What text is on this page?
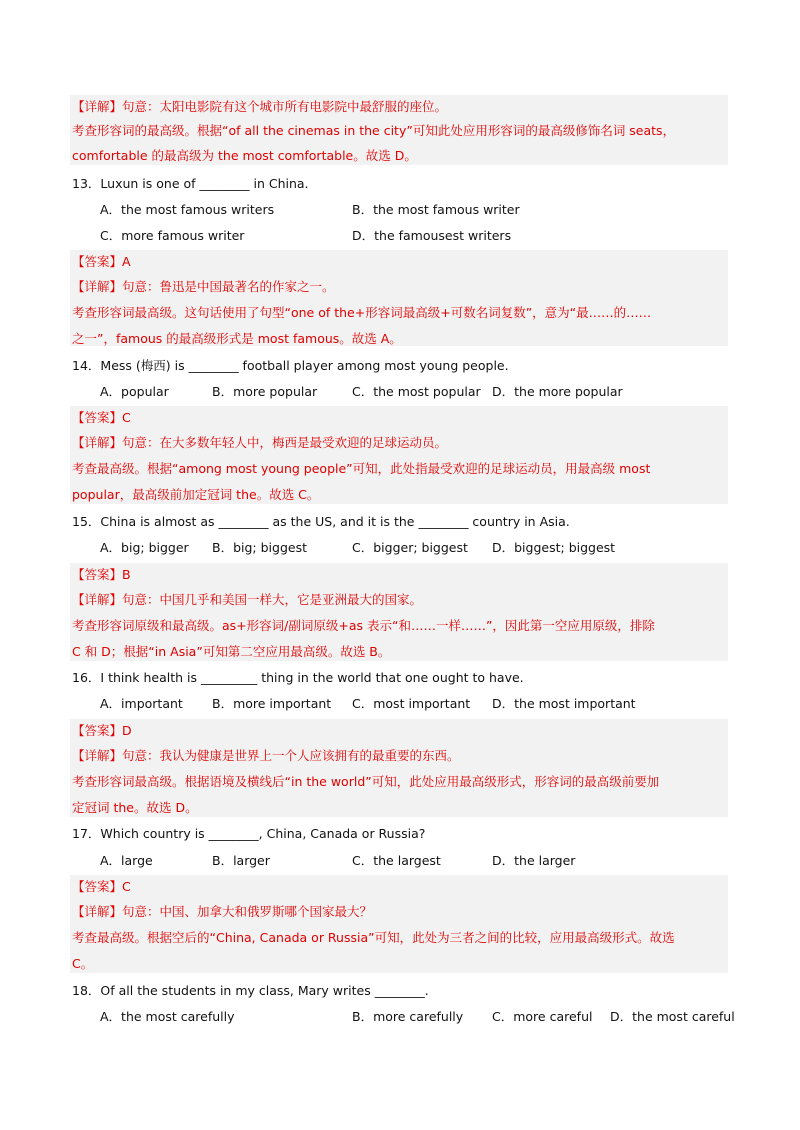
【详解】句意：太阳电影院有这个城市所有电影院中最舒服的座位。
考查形容词的最高级。根据“of all the cinemas in the city”可知此处应用形容词的最高级修饰名词 seats，
comfortable 的最高级为 the most comfortable。故选 D。
13．Luxun is one of ________ in China.
A．the most famous writers	B．the most famous writer
C．more famous writer	D．the famousest writers
【答案】A
【详解】句意：鲁迅是中国最著名的作家之一。
考查形容词最高级。这句话使用了句型“one of the+形容词最高级+可数名词复数”，意为“最……的……
之一”，famous 的最高级形式是 most famous。故选 A。
14．Mess (梅西) is ________ football player among most young people.
A．popular	B．more popular	C．the most popular D．the more popular
【答案】C
【详解】句意：在大多数年轻人中，梅西是最受欢迎的足球运动员。
考查最高级。根据“among most young people”可知，此处指最受欢迎的足球运动员，用最高级 most
popular，最高级前加定冠词 the。故选 C。
15．China is almost as ________ as the US, and it is the ________ country in Asia.
A．big; bigger B．big; biggest	C．bigger; biggest D．biggest; biggest
【答案】B
【详解】句意：中国几乎和美国一样大，它是亚洲最大的国家。
考查形容词原级和最高级。as+形容词/副词原级+as 表示“和……一样……”，因此第一空应用原级，排除
C 和 D；根据“in Asia”可知第二空应用最高级。故选 B。
16．I think health is _________ thing in the world that one ought to have.
A．important B．more important C．most important D．the most important
【答案】D
【详解】句意：我认为健康是世界上一个人应该拥有的最重要的东西。
考查形容词最高级。根据语境及横线后“in the world”可知，此处应用最高级形式，形容词的最高级前要加
定冠词 the。故选 D。
17．Which country is ________, China, Canada or Russia?
A．large	B．larger	C．the largest	D．the larger
【答案】C
【详解】句意：中国、加拿大和俄罗斯哪个国家最大？
考查最高级。根据空后的“China, Canada or Russia”可知，此处为三者之间的比较，应用最高级形式。故选
C。
18．Of all the students in my class, Mary writes ________.
A．the most carefully	B．more carefully C．more careful D．the most careful
